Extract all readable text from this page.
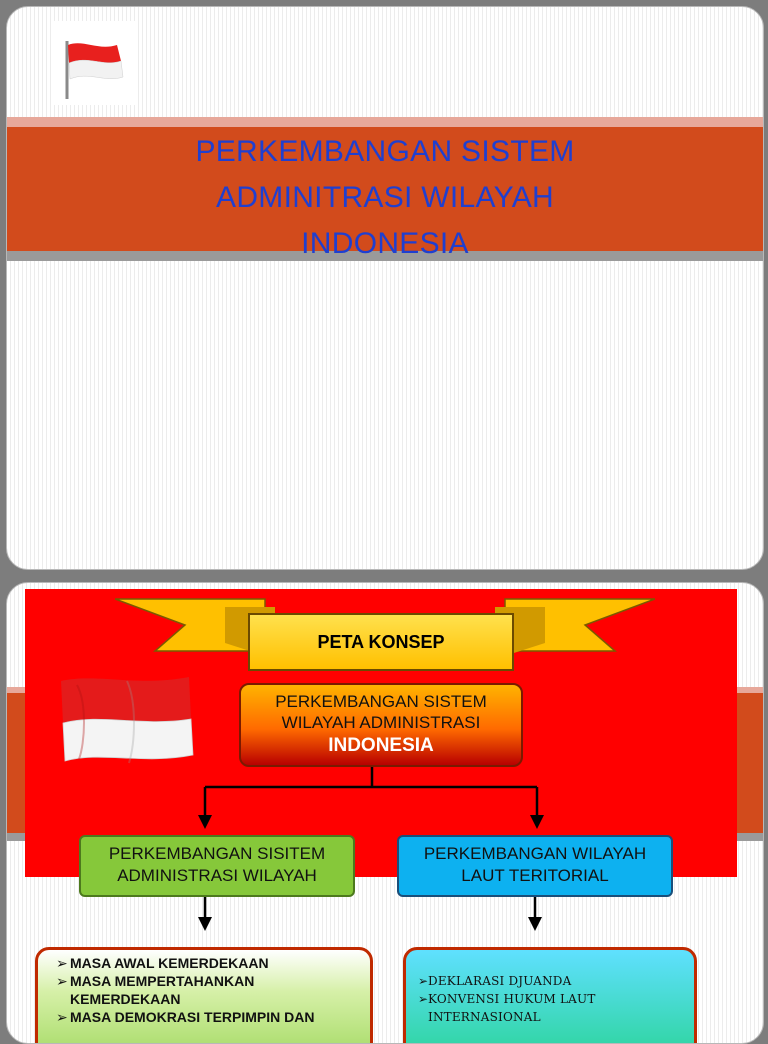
PERKEMBANGAN SISTEM
ADMINITRASI WILAYAH
INDONESIA
PETA KONSEP
PERKEMBANGAN SISTEM
WILAYAH ADMINISTRASI
INDONESIA
PERKEMBANGAN SISITEM
ADMINISTRASI WILAYAH
PERKEMBANGAN WILAYAH
LAUT TERITORIAL
➢ MASA AWAL KEMERDEKAAN
➢ MASA MEMPERTAHANKAN KEMERDEKAAN
➢ MASA DEMOKRASI TERPIMPIN DAN
➢ DEKLARASI DJUANDA
➢ KONVENSI HUKUM LAUT INTERNASIONAL
